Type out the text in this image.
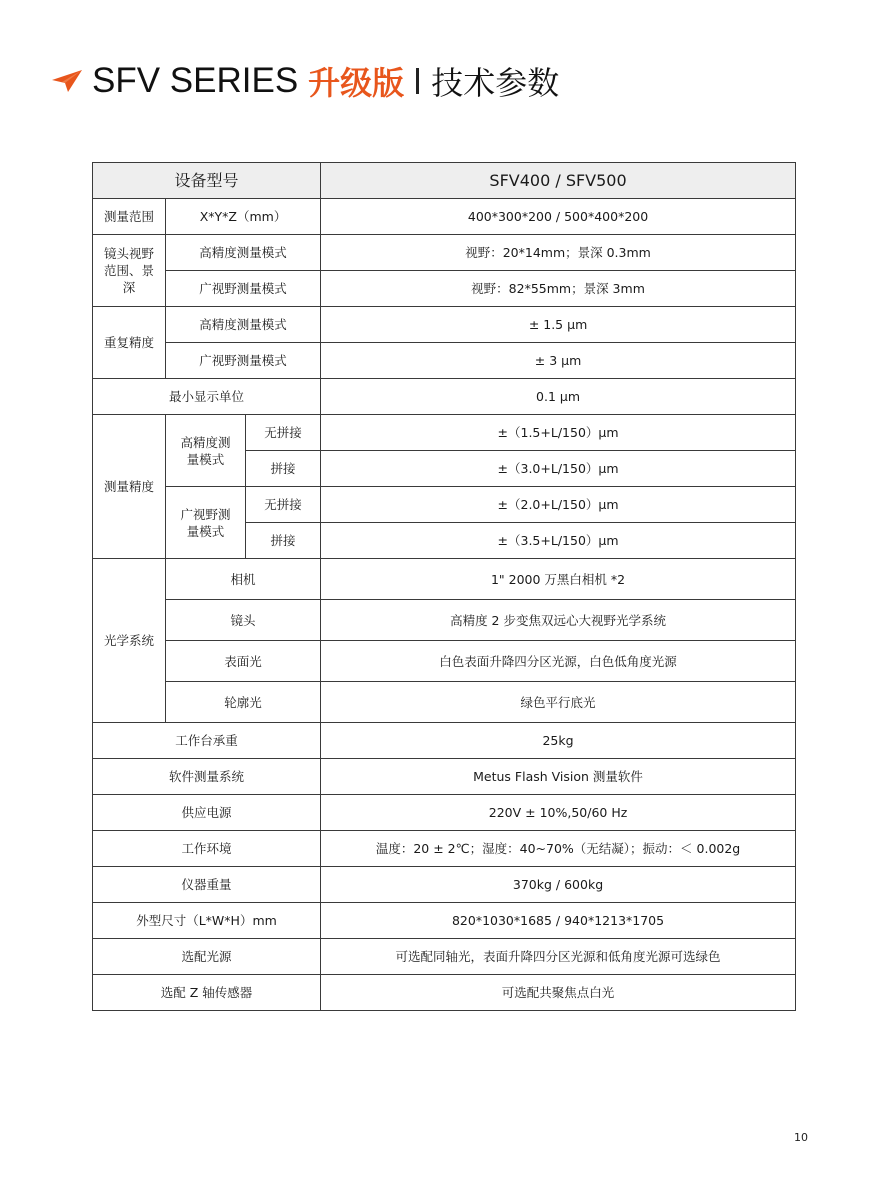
SFV SERIES 升级版 技术参数
设备型号			SFV400 / SFV500
测量范围	X*Y*Z（mm）		400*300*200 / 500*400*200
镜头视野范围、景深	高精度测量模式		视野：20*14mm；景深 0.3mm
	广视野测量模式		视野：82*55mm；景深 3mm
重复精度	高精度测量模式		± 1.5 μm
	广视野测量模式		± 3 μm
最小显示单位			0.1 μm
测量精度	高精度测量模式	无拼接	±（1.5+L/150）μm
		拼接	±（3.0+L/150）μm
	广视野测量模式	无拼接	±（2.0+L/150）μm
		拼接	±（3.5+L/150）μm
光学系统	相机		1" 2000 万黑白相机 *2
	镜头		高精度 2 步变焦双远心大视野光学系统
	表面光		白色表面升降四分区光源，白色低角度光源
	轮廓光		绿色平行底光
工作台承重			25kg
软件测量系统			Metus Flash Vision 测量软件
供应电源			220V ± 10%,50/60 Hz
工作环境			温度：20 ± 2℃；湿度：40~70%（无结凝）；振动：＜ 0.002g
仪器重量			370kg / 600kg
外型尺寸（L*W*H）mm			820*1030*1685 / 940*1213*1705
选配光源			可选配同轴光，表面升降四分区光源和低角度光源可选绿色
选配 Z 轴传感器			可选配共聚焦点白光
10
